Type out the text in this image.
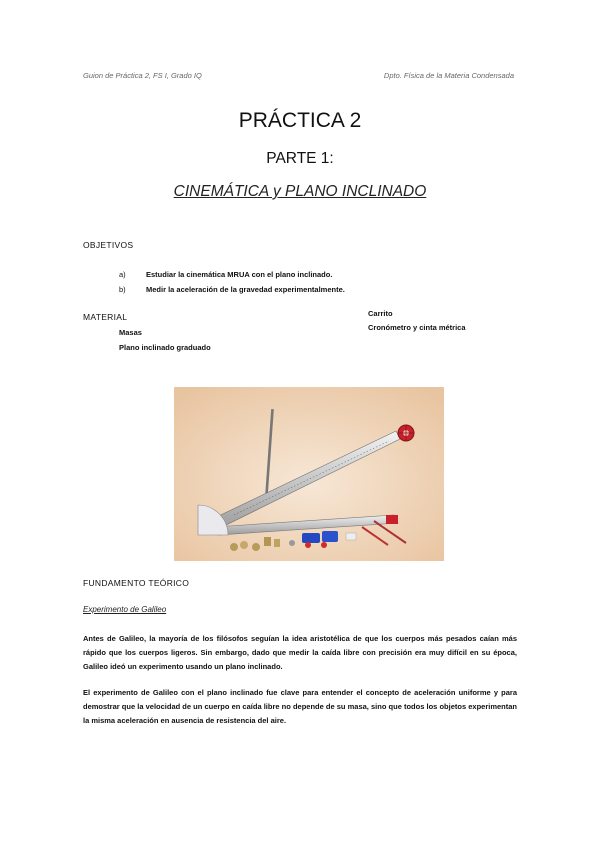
Guion de Práctica 2, FS I, Grado IQ	Dpto. Física de la Materia Condensada
PRÁCTICA 2
PARTE 1:
CINEMÁTICA y PLANO INCLINADO
OBJETIVOS
a)	Estudiar la cinemática MRUA con el plano inclinado.
b)	Medir la aceleración de la gravedad experimentalmente.
MATERIAL
Masas
Plano inclinado graduado
Carrito
Cronómetro y cinta métrica
FUNDAMENTO TEÓRICO
Experimento de Galileo
Antes de Galileo, la mayoría de los filósofos seguían la idea aristotélica de que los cuerpos más pesados caían más rápido que los cuerpos ligeros. Sin embargo, dado que medir la caída libre con precisión era muy difícil en su época, Galileo ideó un experimento usando un plano inclinado.
El experimento de Galileo con el plano inclinado fue clave para entender el concepto de aceleración uniforme y para demostrar que la velocidad de un cuerpo en caída libre no depende de su masa, sino que todos los objetos experimentan la misma aceleración en ausencia de resistencia del aire.
